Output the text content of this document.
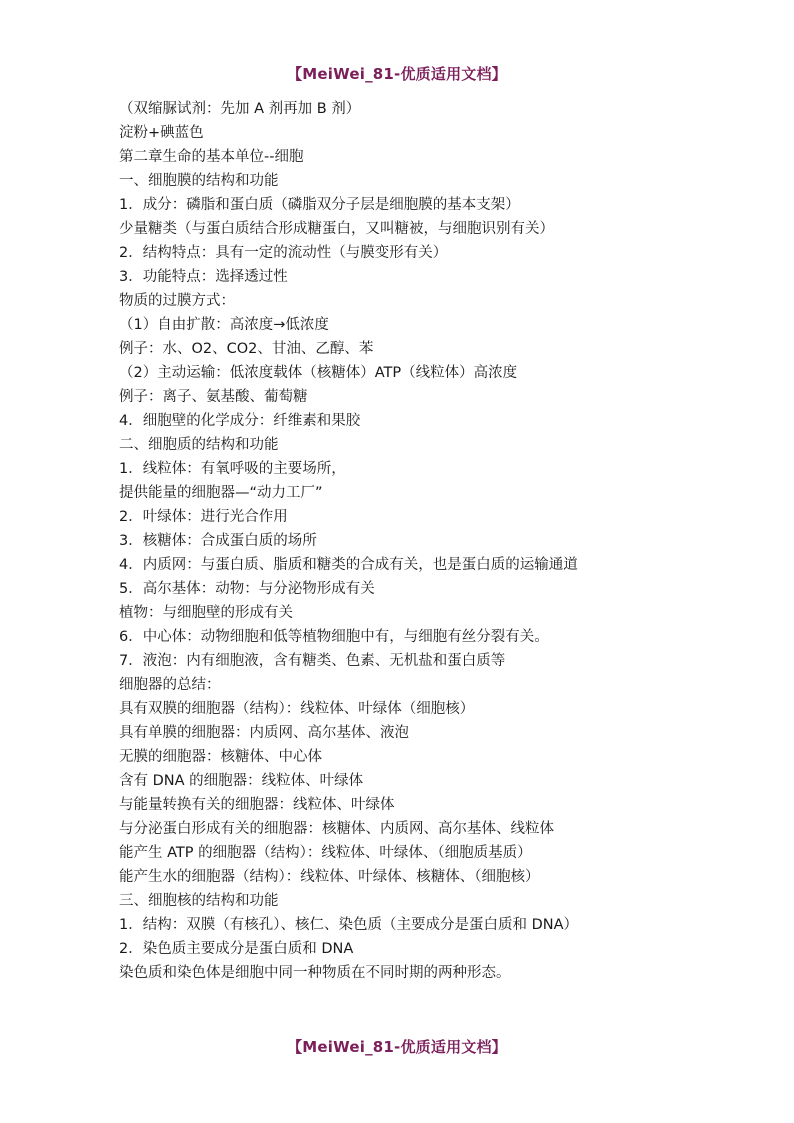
【MeiWei_81-优质适用文档】
（双缩脲试剂：先加 A 剂再加 B 剂）
淀粉+碘蓝色
第二章生命的基本单位--细胞
一、细胞膜的结构和功能
1．成分：磷脂和蛋白质（磷脂双分子层是细胞膜的基本支架）
少量糖类（与蛋白质结合形成糖蛋白，又叫糖被，与细胞识别有关）
2．结构特点：具有一定的流动性（与膜变形有关）
3．功能特点：选择透过性
物质的过膜方式：
（1）自由扩散：高浓度→低浓度
例子：水、O2、CO2、甘油、乙醇、苯
（2）主动运输：低浓度载体（核糖体）ATP（线粒体）高浓度
例子：离子、氨基酸、葡萄糖
4．细胞壁的化学成分：纤维素和果胶
二、细胞质的结构和功能
1．线粒体：有氧呼吸的主要场所，
提供能量的细胞器—“动力工厂”
2．叶绿体：进行光合作用
3．核糖体：合成蛋白质的场所
4．内质网：与蛋白质、脂质和糖类的合成有关，也是蛋白质的运输通道
5．高尔基体：动物：与分泌物形成有关
植物：与细胞壁的形成有关
6．中心体：动物细胞和低等植物细胞中有，与细胞有丝分裂有关。
7．液泡：内有细胞液，含有糖类、色素、无机盐和蛋白质等
细胞器的总结：
具有双膜的细胞器（结构）：线粒体、叶绿体（细胞核）
具有单膜的细胞器：内质网、高尔基体、液泡
无膜的细胞器：核糖体、中心体
含有 DNA 的细胞器：线粒体、叶绿体
与能量转换有关的细胞器：线粒体、叶绿体
与分泌蛋白形成有关的细胞器：核糖体、内质网、高尔基体、线粒体
能产生 ATP 的细胞器（结构）：线粒体、叶绿体、（细胞质基质）
能产生水的细胞器（结构）：线粒体、叶绿体、核糖体、（细胞核）
三、细胞核的结构和功能
1．结构：双膜（有核孔）、核仁、染色质（主要成分是蛋白质和 DNA）
2．染色质主要成分是蛋白质和 DNA
染色质和染色体是细胞中同一种物质在不同时期的两种形态。
【MeiWei_81-优质适用文档】
